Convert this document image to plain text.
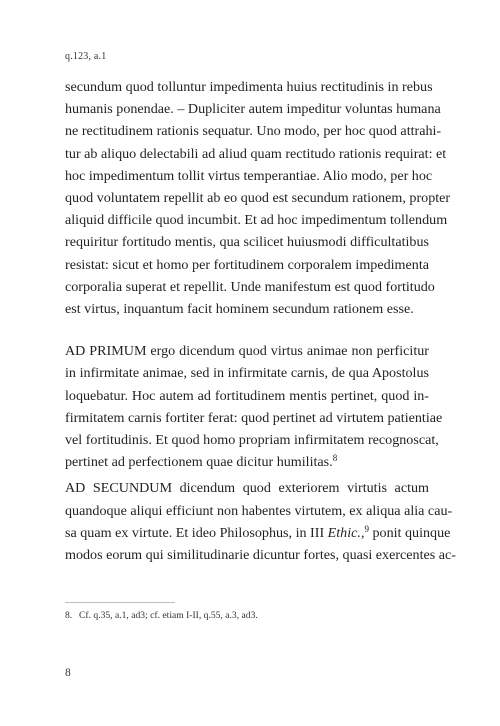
q.123, a.1
secundum quod tolluntur impedimenta huius rectitudinis in rebus
humanis ponendae. – Dupliciter autem impeditur voluntas humana
ne rectitudinem rationis sequatur. Uno modo, per hoc quod attrahi-
tur ab aliquo delectabili ad aliud quam rectitudo rationis requirat: et
hoc impedimentum tollit virtus temperantiae. Alio modo, per hoc
quod voluntatem repellit ab eo quod est secundum rationem, propter
aliquid difficile quod incumbit. Et ad hoc impedimentum tollendum
requiritur fortitudo mentis, qua scilicet huiusmodi difficultatibus
resistat: sicut et homo per fortitudinem corporalem impedimenta
corporalia superat et repellit. Unde manifestum est quod fortitudo
est virtus, inquantum facit hominem secundum rationem esse.
AD PRIMUM ergo dicendum quod virtus animae non perficitur
in infirmitate animae, sed in infirmitate carnis, de qua Apostolus
loquebatur. Hoc autem ad fortitudinem mentis pertinet, quod in-
firmitatem carnis fortiter ferat: quod pertinet ad virtutem patientiae
vel fortitudinis. Et quod homo propriam infirmitatem recognoscat,
pertinet ad perfectionem quae dicitur humilitas.$^8$
AD SECUNDUM dicendum quod exteriorem virtutis actum
quandoque aliqui efficiunt non habentes virtutem, ex aliqua alia cau-
sa quam ex virtute. Et ideo Philosophus, in III Ethic.,$^9$ ponit quinque
modos eorum qui similitudinarie dicuntur fortes, quasi exercentes ac-
8. Cf. q.35, a.1, ad3; cf. etiam I-II, q.55, a.3, ad3.
8
